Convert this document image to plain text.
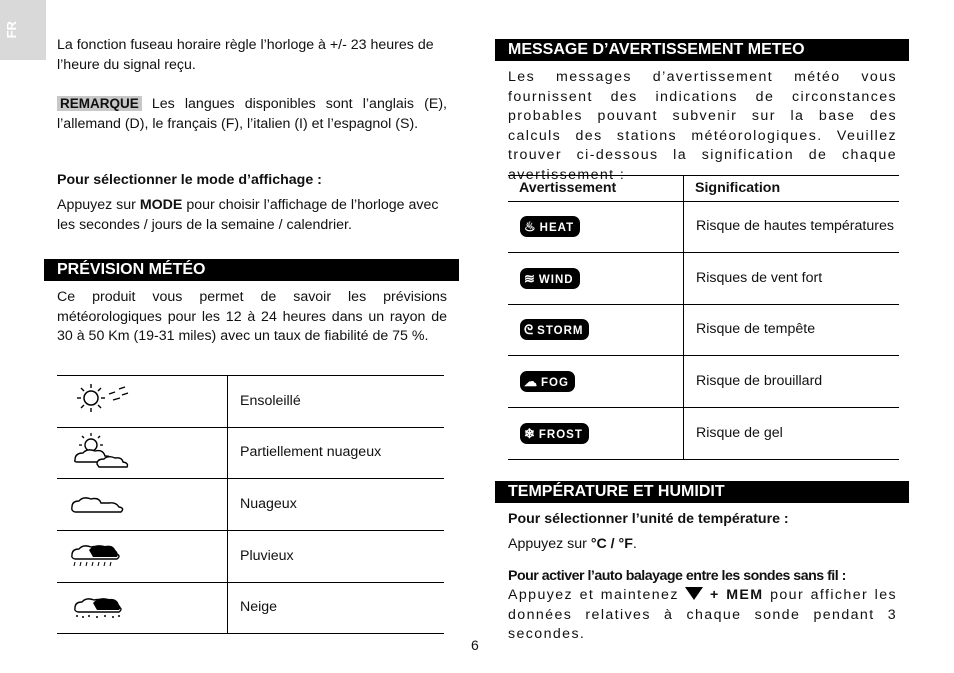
FR

La fonction fuseau horaire règle l’horloge à +/- 23 heures de l’heure du signal reçu.

REMARQUE Les langues disponibles sont l’anglais (E), l’allemand (D), le français (F), l’italien (I) et l’espagnol (S).

Pour sélectionner le mode d’affichage :

Appuyez sur MODE pour choisir l’affichage de l’horloge avec les secondes / jours de la semaine / calendrier.

PRÉVISION MÉTÉO

Ce produit vous permet de savoir les prévisions météorologiques pour les 12 à 24 heures dans un rayon de 30 à 50 Km (19-31 miles) avec un taux de fiabilité de 75 %.

	Ensoleillé
	Partiellement nuageux
	Nuageux
	Pluvieux
	Neige
6
MESSAGE D’AVERTISSEMENT METEO

Les messages d’avertissement météo vous fournissent des indications de circonstances probables pouvant subvenir sur la base des calculs des stations météorologiques. Veuillez trouver ci-dessous la signification de chaque avertissement :

Avertissement	Signification
♨ HEAT	Risque de hautes températures
≋ WIND	Risques de vent fort
ᘓ STORM	Risque de tempête
☁ FOG	Risque de brouillard
❄ FROST	Risque de gel
TEMPÉRATURE ET HUMIDIT

Pour sélectionner l’unité de température :

Appuyez sur °C / °F.

Pour activer l’auto balayage entre les sondes sans fil :

Appuyez et maintenez  + MEM pour afficher les données relatives à chaque sonde pendant 3 secondes.
